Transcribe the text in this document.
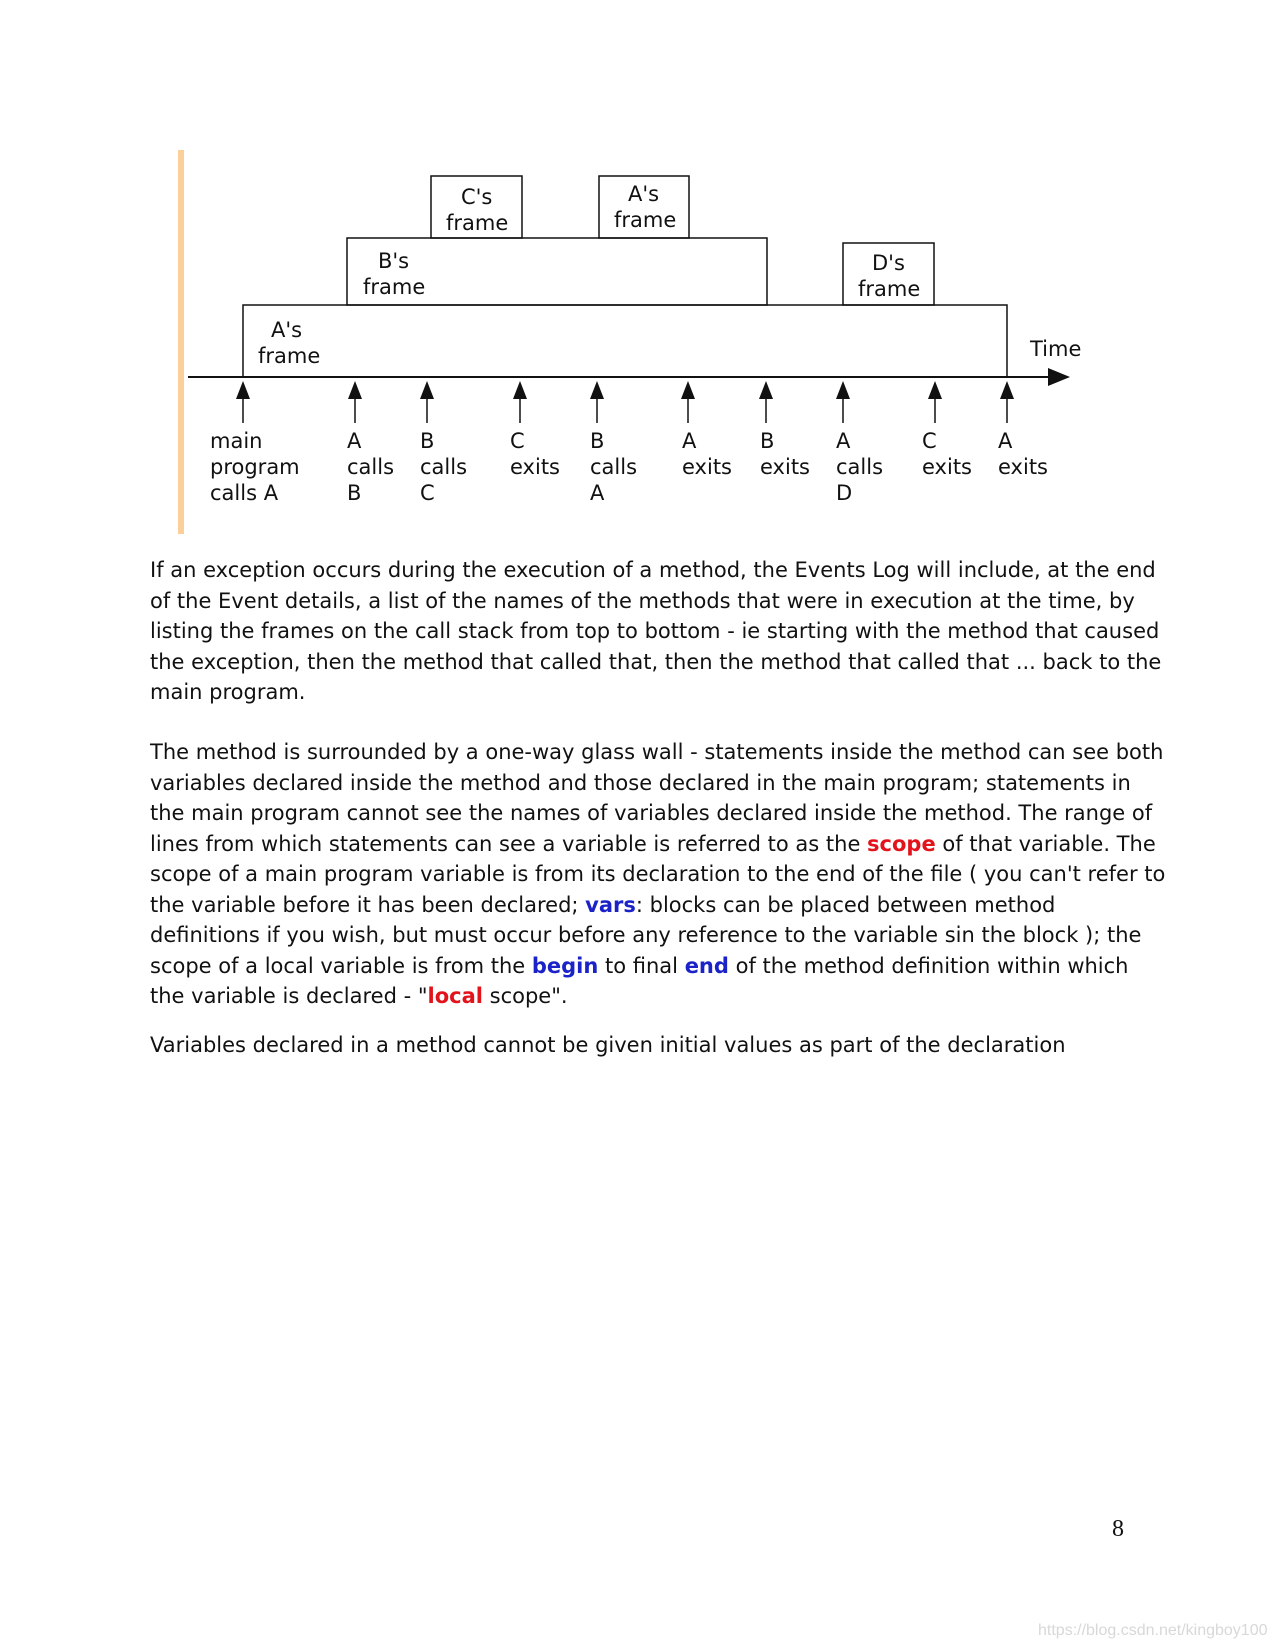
A's
frame
B's
frame
C's
frame
A's
frame
D's
frame
Time
main
program
calls A
A
calls
B
B
calls
C
C
exits
B
calls
A
A
exits
B
exits
A
calls
D
C
exits
A
exits

If an exception occurs during the execution of a method, the Events Log will include, at the end
of the Event details, a list of the names of the methods that were in execution at the time, by
listing the frames on the call stack from top to bottom - ie starting with the method that caused
the exception, then the method that called that, then the method that called that ... back to the
main program.

The method is surrounded by a one-way glass wall - statements inside the method can see both
variables declared inside the method and those declared in the main program; statements in
the main program cannot see the names of variables declared inside the method. The range of
lines from which statements can see a variable is referred to as the scope of that variable. The
scope of a main program variable is from its declaration to the end of the file ( you can't refer to
the variable before it has been declared; vars: blocks can be placed between method
definitions if you wish, but must occur before any reference to the variable sin the block ); the
scope of a local variable is from the begin to final end of the method definition within which
the variable is declared - "local scope".

Variables declared in a method cannot be given initial values as part of the declaration

8
https://blog.csdn.net/kingboy100
